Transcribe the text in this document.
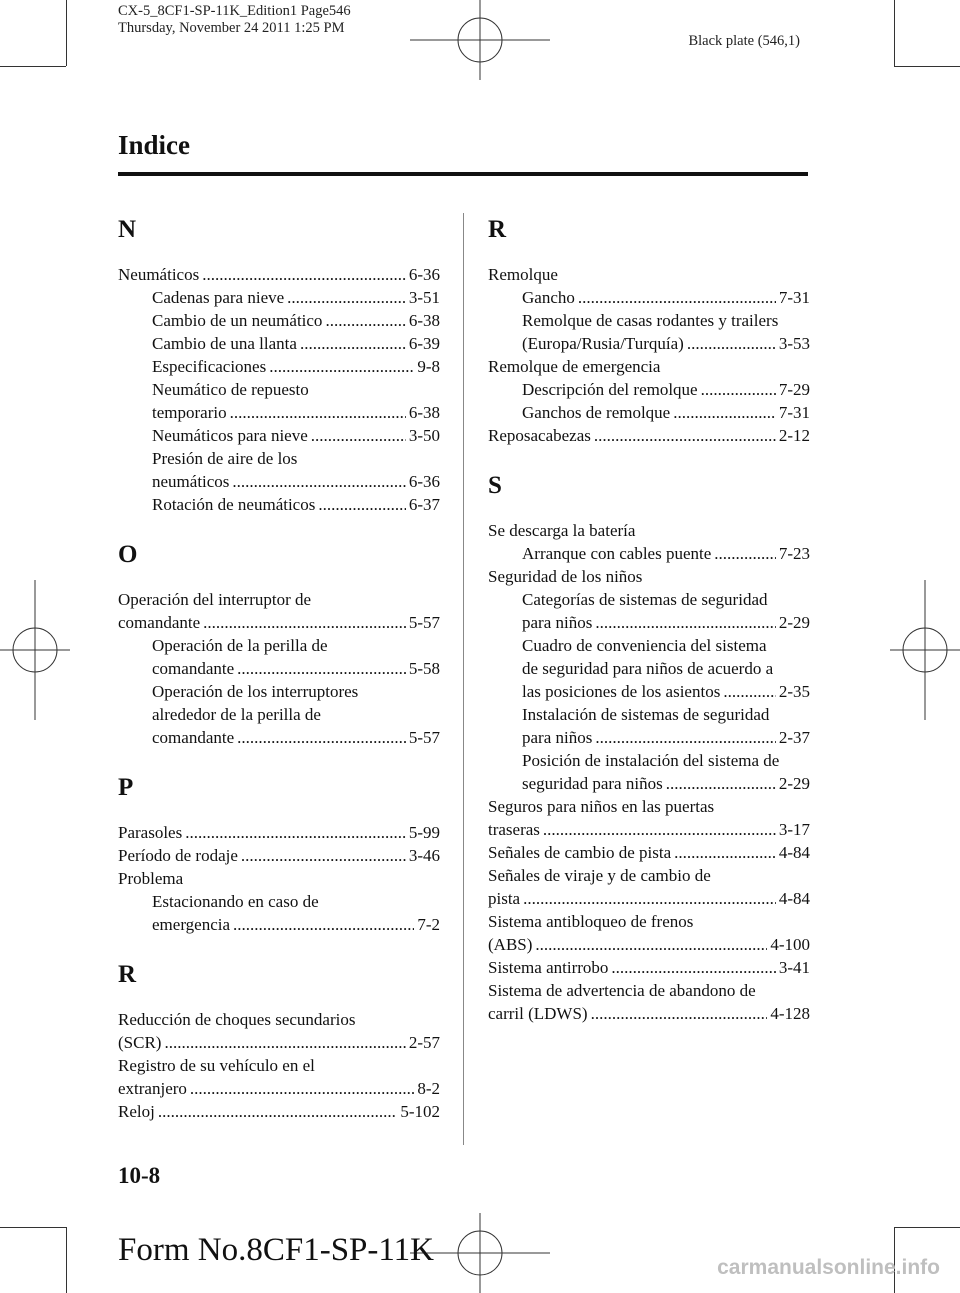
CX-5_8CF1-SP-11K_Edition1 Page546
Thursday, November 24 2011 1:25 PM
Black plate (546,1)
Indice
N
Neumáticos .....	6-36
Cadenas para nieve .....	3-51
Cambio de un neumático .....	6-38
Cambio de una llanta .....	6-39
Especificaciones .....	9-8
Neumático de repuesto
temporario .....	6-38
Neumáticos para nieve .....	3-50
Presión de aire de los
neumáticos .....	6-36
Rotación de neumáticos .....	6-37
O
Operación del interruptor de
comandante .....	5-57
Operación de la perilla de
comandante .....	5-58
Operación de los interruptores
alrededor de la perilla de
comandante .....	5-57
P
Parasoles .....	5-99
Período de rodaje .....	3-46
Problema
Estacionando en caso de
emergencia .....	7-2
R
Reducción de choques secundarios
(SCR) .....	2-57
Registro de su vehículo en el
extranjero .....	8-2
Reloj .....	5-102
R
Remolque
Gancho .....	7-31
Remolque de casas rodantes y trailers
(Europa/Rusia/Turquía) .....	3-53
Remolque de emergencia
Descripción del remolque .....	7-29
Ganchos de remolque .....	7-31
Reposacabezas .....	2-12
S
Se descarga la batería
Arranque con cables puente .....	7-23
Seguridad de los niños
Categorías de sistemas de seguridad
para niños .....	2-29
Cuadro de conveniencia del sistema
de seguridad para niños de acuerdo a
las posiciones de los asientos .....	2-35
Instalación de sistemas de seguridad
para niños .....	2-37
Posición de instalación del sistema de
seguridad para niños .....	2-29
Seguros para niños en las puertas
traseras .....	3-17
Señales de cambio de pista .....	4-84
Señales de viraje y de cambio de
pista .....	4-84
Sistema antibloqueo de frenos
(ABS) .....	4-100
Sistema antirrobo .....	3-41
Sistema de advertencia de abandono de
carril (LDWS) .....	4-128
10-8
Form No.8CF1-SP-11K	carmanualsonline.info
